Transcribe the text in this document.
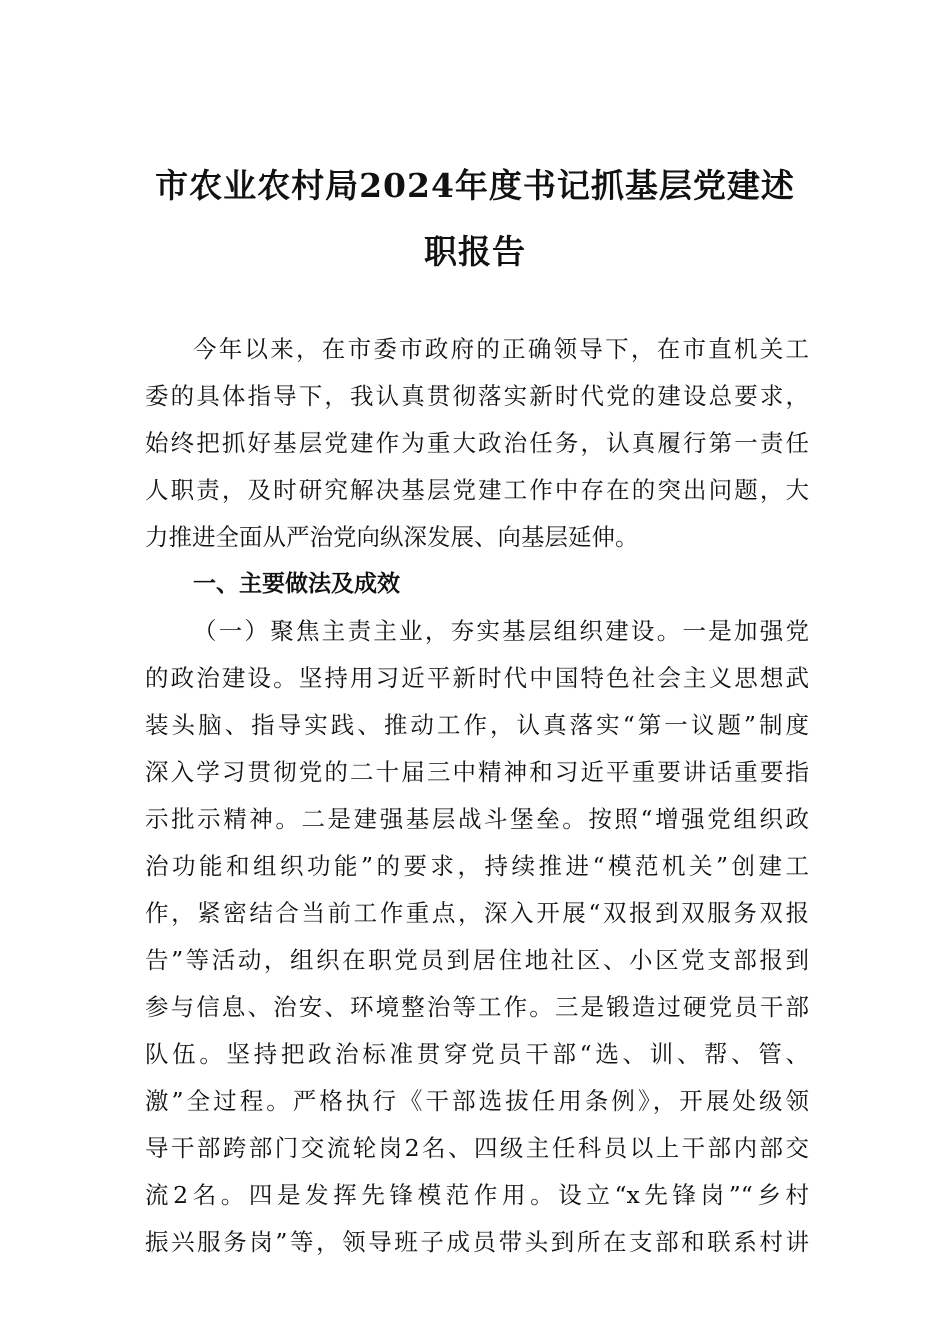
市农业农村局2024年度书记抓基层党建述
职报告
今年以来，在市委市政府的正确领导下，在市直机关工
委的具体指导下，我认真贯彻落实新时代党的建设总要求，
始终把抓好基层党建作为重大政治任务，认真履行第一责任
人职责，及时研究解决基层党建工作中存在的突出问题，大
力推进全面从严治党向纵深发展、向基层延伸。
一、主要做法及成效
（一）聚焦主责主业，夯实基层组织建设。一是加强党
的政治建设。坚持用习近平新时代中国特色社会主义思想武
装头脑、指导实践、推动工作，认真落实“第一议题”制度
深入学习贯彻党的二十届三中精神和习近平重要讲话重要指
示批示精神。二是建强基层战斗堡垒。按照“增强党组织政
治功能和组织功能”的要求，持续推进“模范机关”创建工
作，紧密结合当前工作重点，深入开展“双报到双服务双报
告”等活动，组织在职党员到居住地社区、小区党支部报到
参与信息、治安、环境整治等工作。三是锻造过硬党员干部
队伍。坚持把政治标准贯穿党员干部“选、训、帮、管、
激”全过程。严格执行《干部选拔任用条例》，开展处级领
导干部跨部门交流轮岗2名、四级主任科员以上干部内部交
流2名。四是发挥先锋模范作用。设立“x先锋岗”“乡村
振兴服务岗”等，领导班子成员带头到所在支部和联系村讲
